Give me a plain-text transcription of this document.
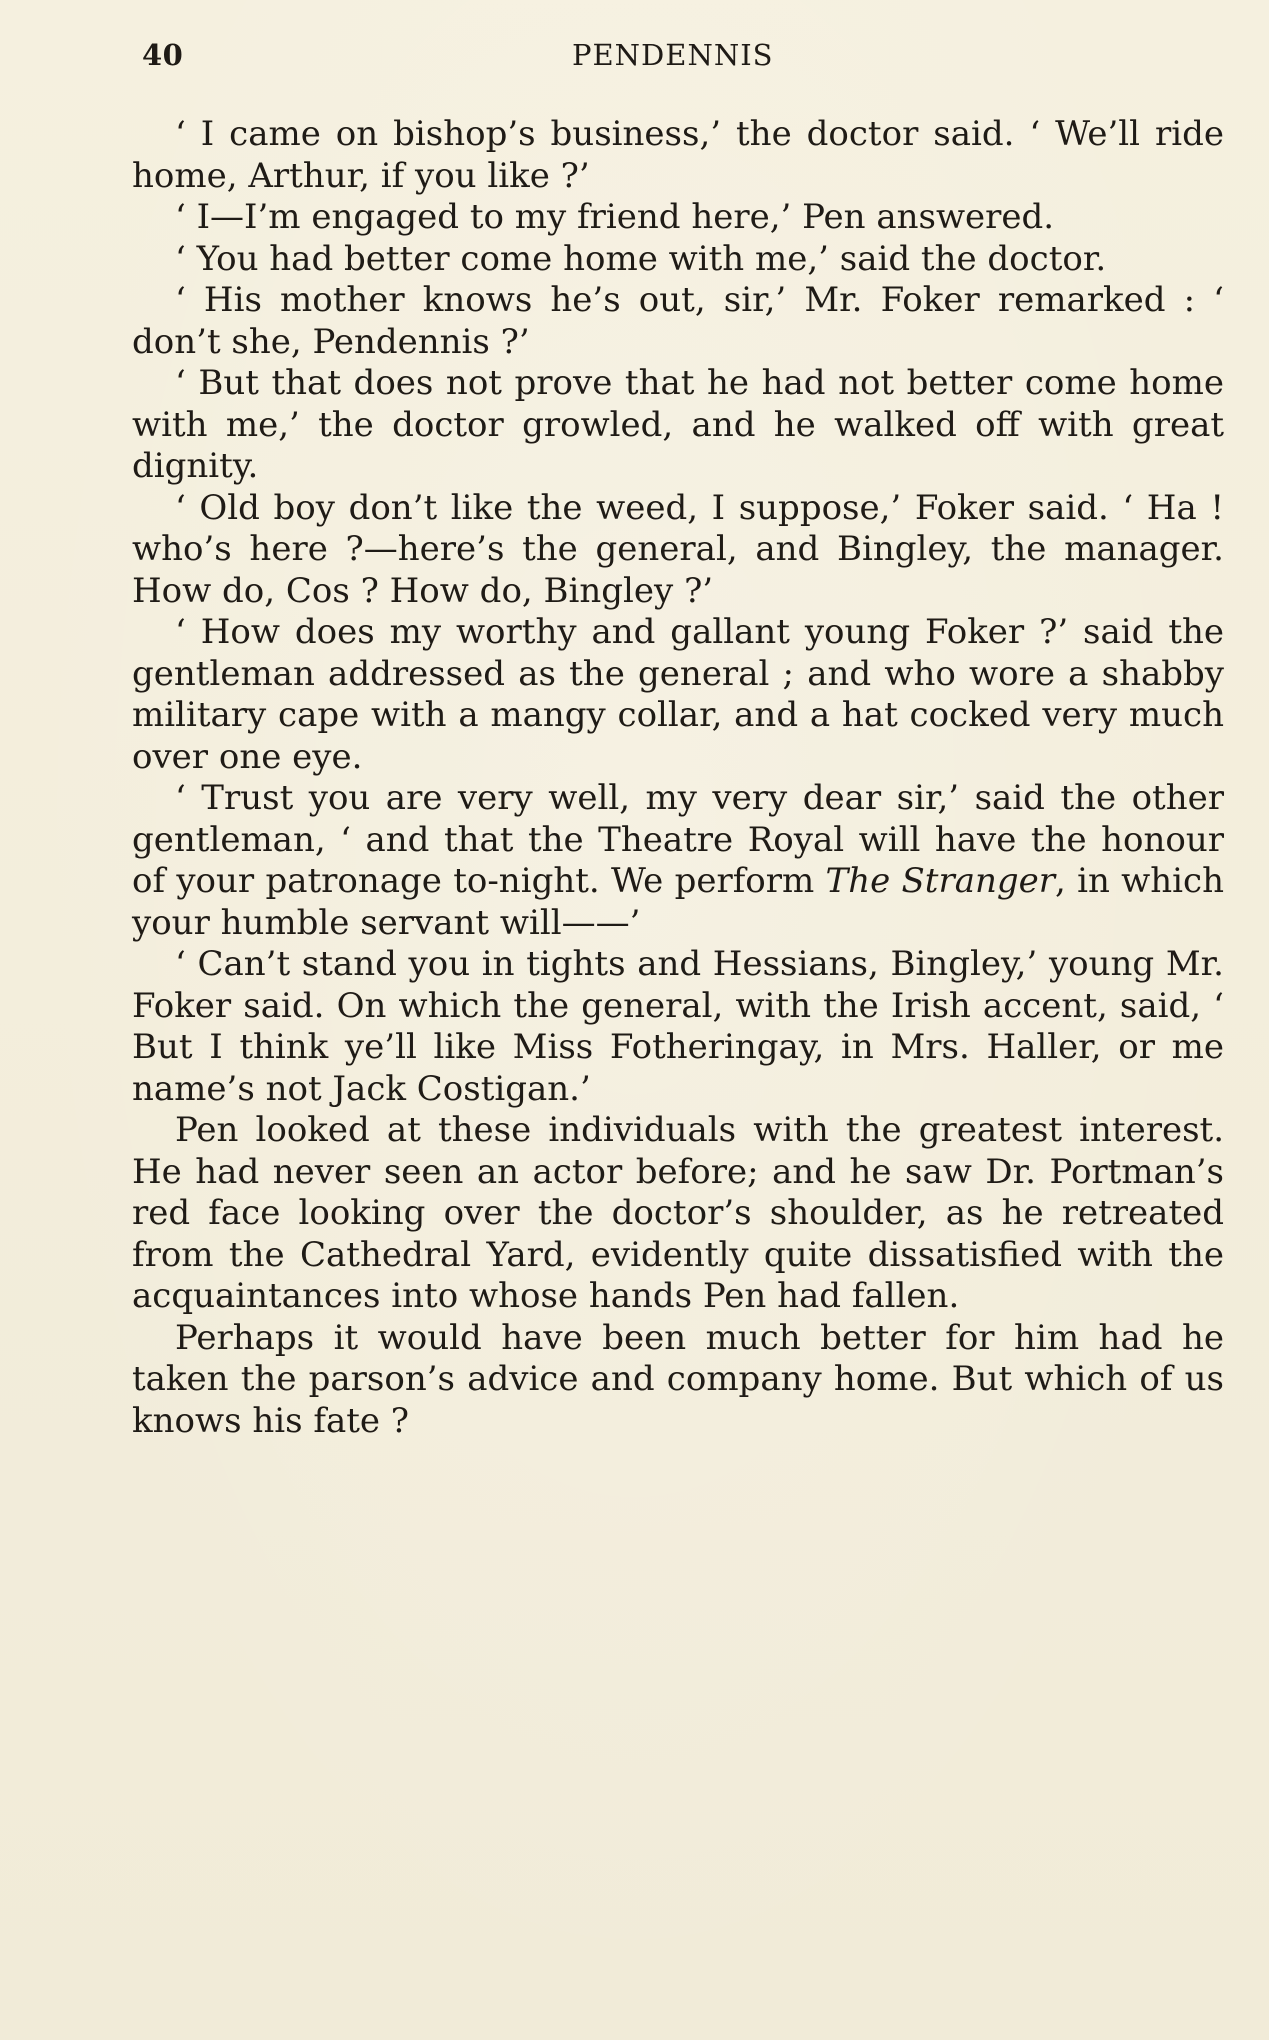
40	PENDENNIS

‘ I came on bishop’s business,’ the doctor said. ‘ We’ll ride home, Arthur, if you like ?’

‘ I—I’m engaged to my friend here,’ Pen answered.

‘ You had better come home with me,’ said the doctor.

‘ His mother knows he’s out, sir,’ Mr. Foker remarked : ‘ don’t she, Pendennis ?’

‘ But that does not prove that he had not better come home with me,’ the doctor growled, and he walked off with great dignity.

‘ Old boy don’t like the weed, I suppose,’ Foker said. ‘ Ha ! who’s here ?—here’s the general, and Bingley, the manager. How do, Cos ? How do, Bingley ?’

‘ How does my worthy and gallant young Foker ?’ said the gentleman addressed as the general ; and who wore a shabby military cape with a mangy collar, and a hat cocked very much over one eye.

‘ Trust you are very well, my very dear sir,’ said the other gentleman, ‘ and that the Theatre Royal will have the honour of your patronage to-night. We perform The Stranger, in which your humble servant will——’

‘ Can’t stand you in tights and Hessians, Bingley,’ young Mr. Foker said. On which the general, with the Irish accent, said, ‘ But I think ye’ll like Miss Fotheringay, in Mrs. Haller, or me name’s not Jack Costigan.’

Pen looked at these individuals with the greatest interest. He had never seen an actor before; and he saw Dr. Portman’s red face looking over the doctor’s shoulder, as he retreated from the Cathedral Yard, evidently quite dissatisfied with the acquaintances into whose hands Pen had fallen.

Perhaps it would have been much better for him had he taken the parson’s advice and company home. But which of us knows his fate ?
